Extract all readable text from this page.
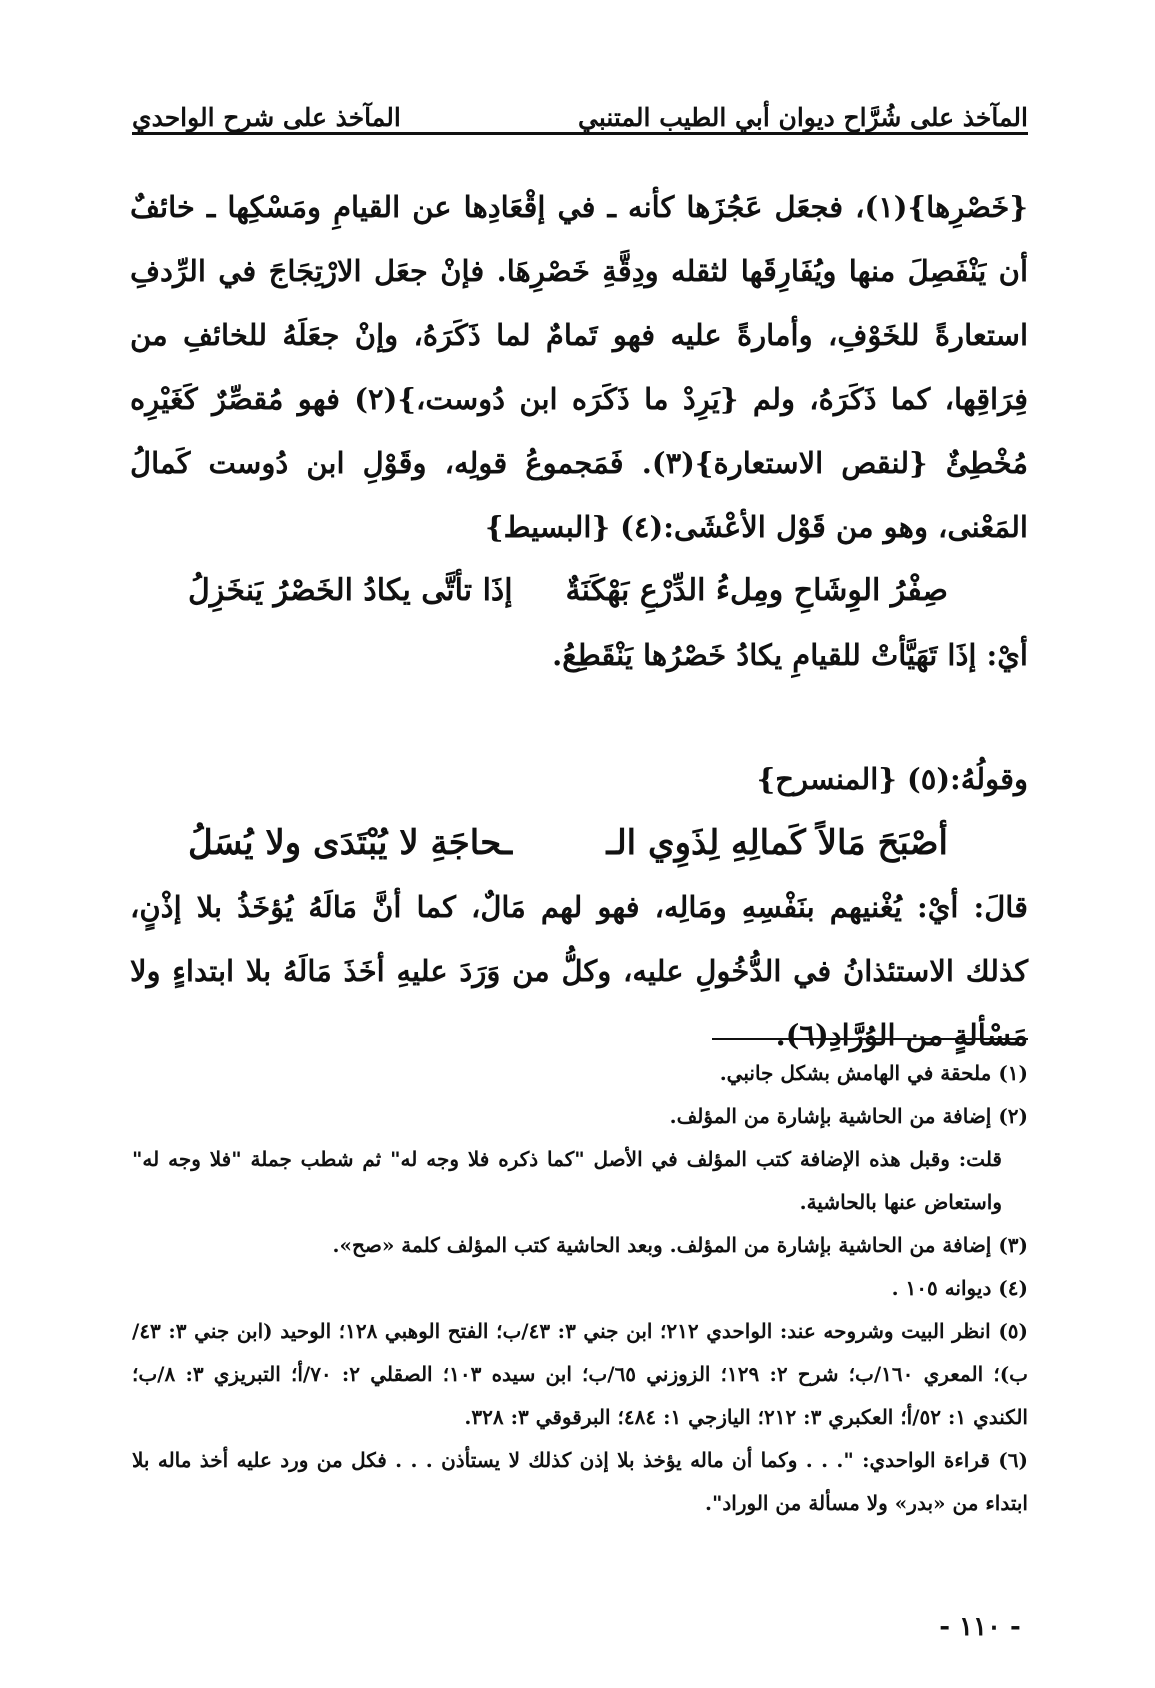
المآخذ على شُرَّاح ديوان أبي الطيب المتنبي
المآخذ على شرح الواحدي

{خَصْرِها}(١)، فجعَل عَجُزَها كأنه ـ في إقْعَادِها عن القيامِ ومَسْكِها ـ خائفٌ أن يَنْفَصِلَ منها ويُفَارِقَها لثقله ودِقَّةِ خَصْرِهَا. فإنْ جعَل الارْتِجَاجَ في الرِّدفِ استعارةً للخَوْفِ، وأمارةً عليه فهو تَمامٌ لما ذَكَرَهُ، وإنْ جعَلَهُ للخائفِ من فِرَاقِها، كما ذَكَرَهُ، ولم {يَرِدْ ما ذَكَرَه ابن دُوست،}(٢) فهو مُقصِّرٌ كَغَيْرِه مُخْطِئٌ {لنقص الاستعارة}(٣). فَمَجموعُ قولِه، وقَوْلِ ابن دُوست كَمالُ المَعْنى، وهو من قَوْل الأعْشَى:(٤) {البسيط}

صِفْرُ الوِشَاحِ ومِلءُ الدِّرْعِ بَهْكَنَةٌ
إذَا تأتَّى يكادُ الخَصْرُ يَنخَزِلُ

أيْ: إذَا تَهَيَّأتْ للقيامِ يكادُ خَصْرُها يَنْقَطِعُ.

وقولُهُ:(٥) {المنسرح}

أصْبَحَ مَالاً كَمالِهِ لِذَوِي الـ
ـحاجَةِ لا يُبْتَدَى ولا يُسَلُ

قالَ: أيْ: يُغْنيهم بنَفْسِهِ ومَالِه، فهو لهم مَالٌ، كما أنَّ مَالَهُ يُؤخَذُ بلا إذْنٍ، كذلك الاستئذانُ في الدُّخُولِ عليه، وكلُّ من وَرَدَ عليهِ أخَذَ مَالَهُ بلا ابتداءٍ ولا مَسْألةٍ من الوُرَّادِ(٦).

(١) ملحقة في الهامش بشكل جانبي.

(٢) إضافة من الحاشية بإشارة من المؤلف.

قلت: وقبل هذه الإضافة كتب المؤلف في الأصل "كما ذكره فلا وجه له" ثم شطب جملة "فلا وجه له" واستعاض عنها بالحاشية.

(٣) إضافة من الحاشية بإشارة من المؤلف. وبعد الحاشية كتب المؤلف كلمة «صح».

(٤) ديوانه ١٠٥ .

(٥) انظر البيت وشروحه عند: الواحدي ٢١٢؛ ابن جني ٣: ٤٣/ب؛ الفتح الوهبي ١٢٨؛ الوحيد (ابن جني ٣: ٤٣/ب)؛ المعري ١٦٠/ب؛ شرح ٢: ١٢٩؛ الزوزني ٦٥/ب؛ ابن سيده ١٠٣؛ الصقلي ٢: ٧٠/أ؛ التبريزي ٣: ٨/ب؛ الكندي ١: ٥٢/أ؛ العكبري ٣: ٢١٢؛ اليازجي ١: ٤٨٤؛ البرقوقي ٣: ٣٢٨.

(٦) قراءة الواحدي: ". . . وكما أن ماله يؤخذ بلا إذن كذلك لا يستأذن . . . فكل من ورد عليه أخذ ماله بلا ابتداء من «بدر» ولا مسألة من الوراد".

- ١١٠ -
